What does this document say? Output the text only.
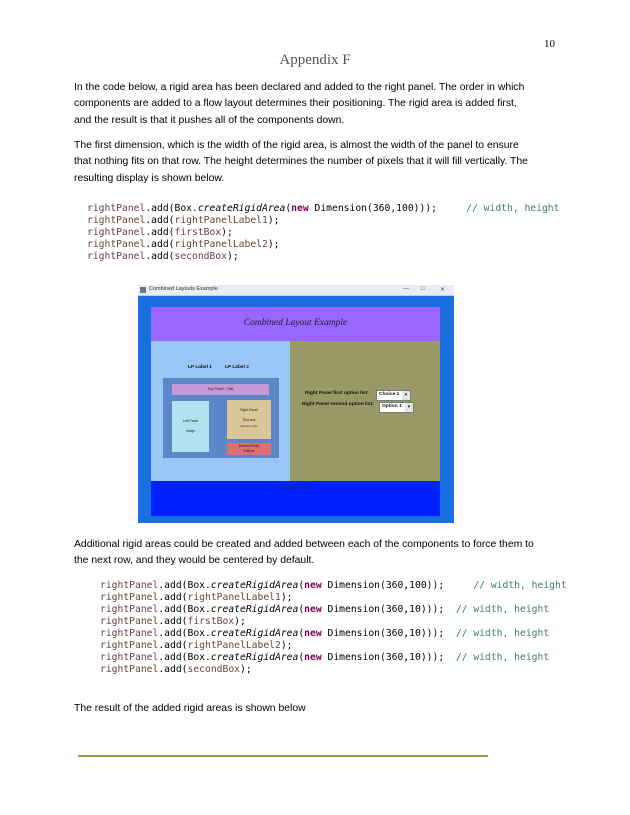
10
Appendix F

In the code below, a rigid area has been declared and added to the right panel. The order in which components are added to a flow layout determines their positioning. The rigid area is added first, and the result is that it pushes all of the components down.

The first dimension, which is the width of the rigid area, is almost the width of the panel to ensure that nothing fits on that row. The height determines the number of pixels that it will fill vertically. The resulting display is shown below.

rightPanel.add(Box.createRigidArea(new Dimension(360,100)));     // width, height
rightPanel.add(rightPanelLabel1);
rightPanel.add(firstBox);
rightPanel.add(rightPanelLabel2);
rightPanel.add(secondBox);
Combined Layouts Example	— □	✕
Combined Layout Example
LP Label 1	LP Label 2
Top Panel - Title
Left Panel
Image
Right Panel
Text and
Options Lists
Bottom Panel
Buttons
Right Panel first option list: Choice 1	▾
Right Panel second option list: Option 1	▾
Bottom Panel

Additional rigid areas could be created and added between each of the components to force them to the next row, and they would be centered by default.

rightPanel.add(Box.createRigidArea(new Dimension(360,100));     // width, height
rightPanel.add(rightPanelLabel1);
rightPanel.add(Box.createRigidArea(new Dimension(360,10)));  // width, height
rightPanel.add(firstBox);
rightPanel.add(Box.createRigidArea(new Dimension(360,10)));  // width, height
rightPanel.add(rightPanelLabel2);
rightPanel.add(Box.createRigidArea(new Dimension(360,10)));  // width, height
rightPanel.add(secondBox);

The result of the added rigid areas is shown below
